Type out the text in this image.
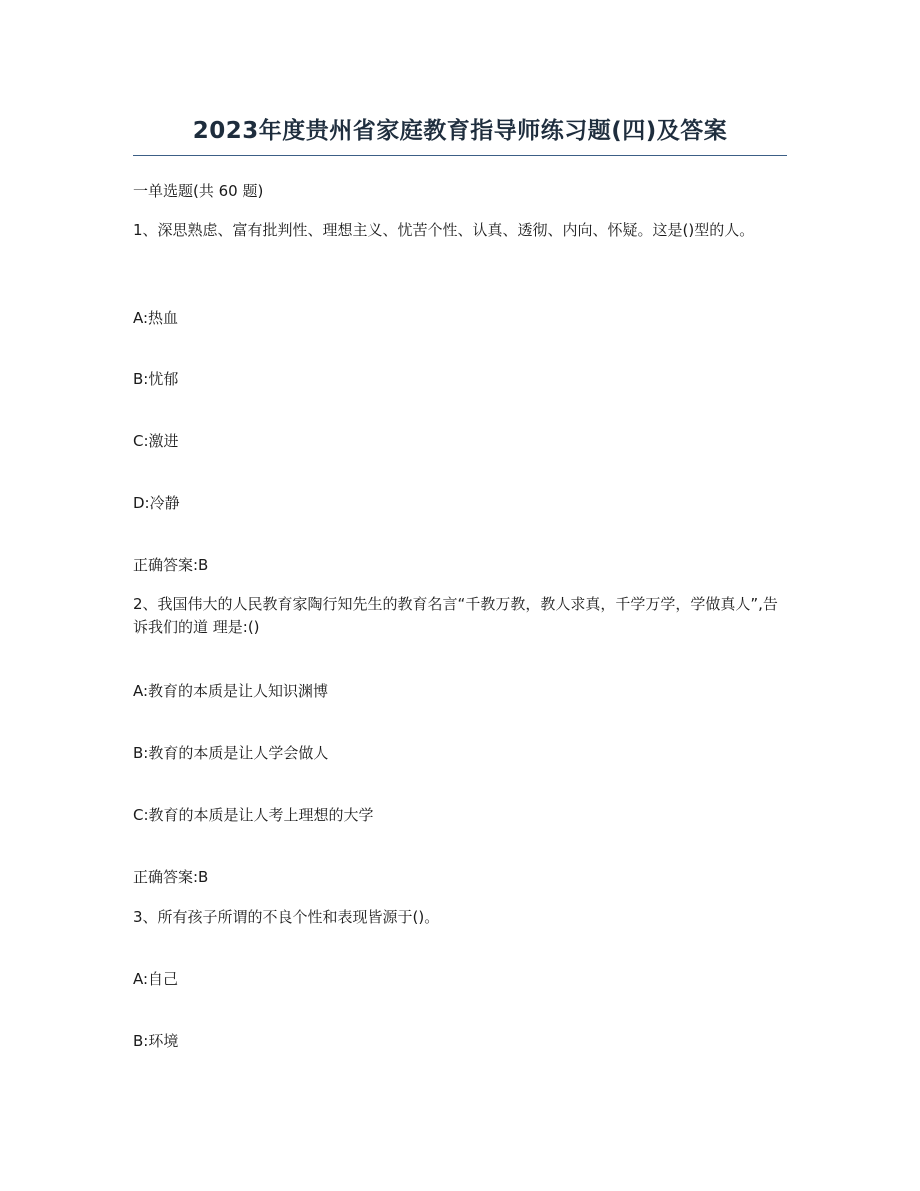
2023年度贵州省家庭教育指导师练习题(四)及答案
一单选题(共 60 题)
1、深思熟虑、富有批判性、理想主义、忧苦个性、认真、透彻、内向、怀疑。这是()型的人。
A:热血
B:忧郁
C:激进
D:冷静
正确答案:B
2、我国伟大的人民教育家陶行知先生的教育名言“千教万教，教人求真，千学万学，学做真人”,告诉我们的道 理是:()
A:教育的本质是让人知识渊博
B:教育的本质是让人学会做人
C:教育的本质是让人考上理想的大学
正确答案:B
3、所有孩子所谓的不良个性和表现皆源于()。
A:自己
B:环境
